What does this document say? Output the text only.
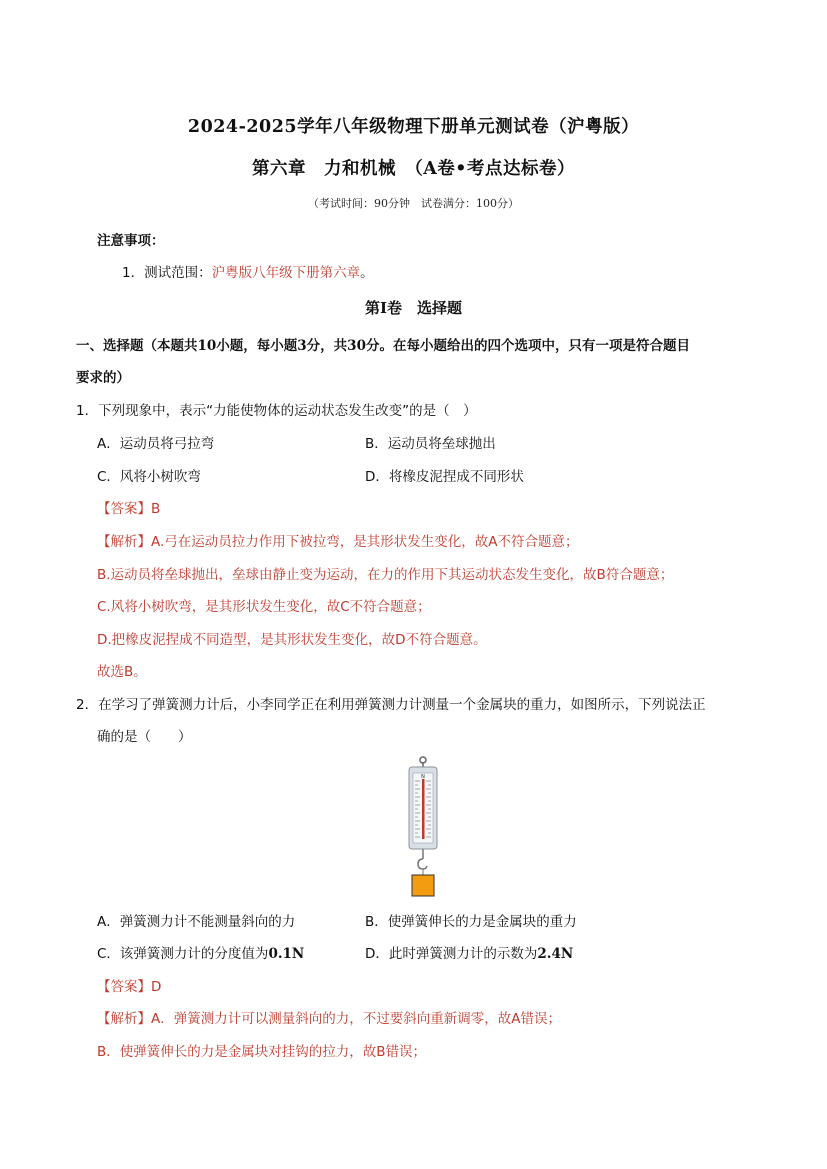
2024-2025学年八年级物理下册单元测试卷（沪粤版）
第六章　力和机械　（A卷•考点达标卷）
（考试时间：90分钟　试卷满分：100分）
注意事项：
1．测试范围：沪粤版八年级下册第六章。
第Ⅰ卷　选择题
一、选择题（本题共10小题，每小题3分，共30分。在每小题给出的四个选项中，只有一项是符合题目
要求的）
1．下列现象中，表示“力能使物体的运动状态发生改变”的是（　）
A．运动员将弓拉弯	B．运动员将垒球抛出
C．风将小树吹弯	D．将橡皮泥捏成不同形状
【答案】B
【解析】A.弓在运动员拉力作用下被拉弯，是其形状发生变化，故A不符合题意；
B.运动员将垒球抛出，垒球由静止变为运动，在力的作用下其运动状态发生变化，故B符合题意；
C.风将小树吹弯，是其形状发生变化，故C不符合题意；
D.把橡皮泥捏成不同造型，是其形状发生变化，故D不符合题意。
故选B。
2．在学习了弹簧测力计后，小李同学正在利用弹簧测力计测量一个金属块的重力，如图所示，下列说法正
确的是（　　）
N
A．弹簧测力计不能测量斜向的力	B．使弹簧伸长的力是金属块的重力
C．该弹簧测力计的分度值为0.1N	D．此时弹簧测力计的示数为2.4N
【答案】D
【解析】A．弹簧测力计可以测量斜向的力，不过要斜向重新调零，故A错误；
B．使弹簧伸长的力是金属块对挂钩的拉力，故B错误；
